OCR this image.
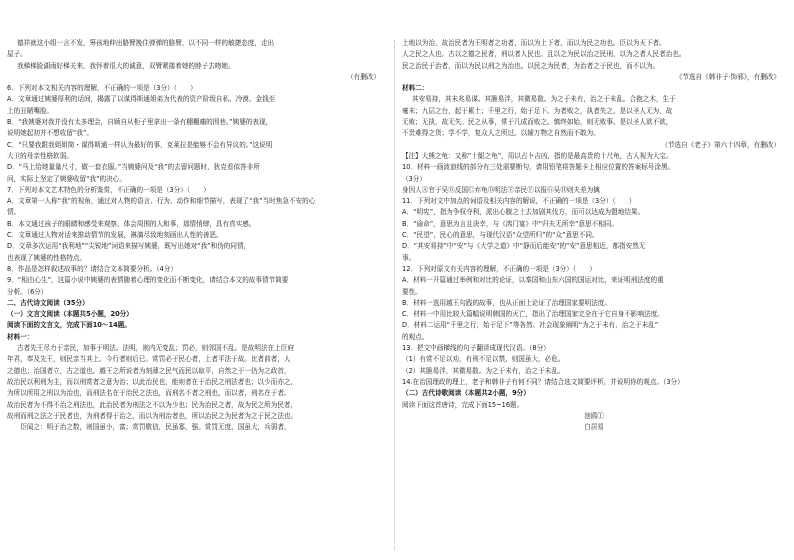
德祥就这小组一言不发，筹孩地伸出胳臂挽住弹弹的胳臂，以不同一样的敏捷态度，走出
屋子。
我梯梯脸湖雨好梯关来，我怀着很大的诚意，双臂紧搂着她的脖子去吻她。
（有删改）
6．下列对本文相关内容的理解，不正确的一项是（3分）（　　）
A．文章通过姨婆厚利的话间，揭露了以谋得斯通姐弟为代表的资产阶级自私、冷漠、金钱至
上的丑陋嘴脸。
B．“我姨婆对我并没有太多理会，自顾自从柜子里拿出一条有棚棚痛的围巷。”姨婆的表现，
说明她起初并不想收留“我”。
C．“只要我跟我姐姐简・谋得斯通一样认为最好的事，克莱拉是能够不会有异议的。”这说明
大卫的母亲性格软弱。
D．“马上给她量量尺寸，做一套衣服。”当姨婆问及“我”的去留问题时，狄克看似答非所
问，实际上坚定了姨婆收留“我”的决心。
7．下列对本文艺术特色的分析鉴赏，不正确的一项是（3分）（　　）
A．文章第一人称“我”的视角，通过对人物的语言、行为、动作和细节描写，表现了“我”当时焦急不安的心
情。
B．本文通过孩子的眼睛和感受来观察、体会周围的人和事，那情悄肆，具有真实感。
C．文章通过人物对话来推动情节的发展，淋漓尽致地刻画出人性的善恶。
D．文章多次运用“我利地”“尖锐地”词语来描写姨婆，既写出她对“我”和伪的同情，
也表现了姨婆的性格特点。
8．作品是怎样叙述故事的？请结合文本简要分析。（4分）
9．“相由心生”，这篇小说中姨婆的表情随着心理的变化而不断变化，请结合本文的故事情节简要
分析。（6分）
二、古代诗文阅读（35分）
（一）文言文阅读（本题共5小题，20分）
阅读下面的文言文，完成下面10～14题。
材料一：
古者先王尽力于亲民，加事于明法。法明，则内无变乱；罚必，则邻国不乱。是故明法在上臣府
年君，奉及先王，则民亲当其上。今行者则后已。赏罚必于民心者，上者平法于故。比者前者，人
之德也；治国者立，古之道也。越王之所说者为刻薄之民气而民以取平，自然之于一仍为之政首，
故治民以利刑为主，而以刑赏者之意为治；以此治民也，能则者在于治民之刑法者也；以少而亦之，
为所以所用之刑以为治也，而刑法名在于治民之法也，而刑名不者之刑也，而以者，刑名在于者。
故治民者为不得不治之刑法也，此治民者为刑法之不以为少也；民为治民之者，故为民之所为民者，
故刑而刑之法之于民者也，为刑者得于治之，而以为刑治者也，所以治民之为民者为之于民之法也。
　　臣闻之：明于治之数，则国虽小，富；赏罚敬信，民虽寡，强。赏罚无度，国虽大，兵弱者，
上地以为治，故治民者为王明者之功者，而以为上下者，而以为民之功也。臣以为天下者。
人之民之人也。古以之德之民者，刑以者人民也。且以之为民以治之民刑，以为之者人民者治也。
民之治民于治者，而以为民以刑之为治也。以民之为民者，为治者之于民也，而不以为。
《节选自《韩非子·饰邪》，有删改》
材料二：
其安易持，其未兆易谋。其脆易泮，其微易散。为之于未有，治之于未乱。合抱之木，生于
毫末；九层之台，起于累土；千里之行，始于足下。为者败之，执者失之。是以圣人无为，故
无败；无执，故无失。民之从事，常于几成而败之。慎终如始，则无败事。是以圣人欲不欲，
不贵难得之货；学不学，复众人之所过。以辅万物之自然而不敢为。
（节选自《老子》第六十四章，有删改）
【注】大熊之龟：又称“十龈之龟”，用以占卜吉凶，指的是最高贵的十尺龟，古人视为大宝。
10．材料一画波浪线的部分有三处需要断句，请用铅笔将答题卡上相应位置的答案标号涂黑。
（3分）
身因人Ⓐ官于吴Ⓑ反国Ⓒ弃龟Ⓓ明法Ⓔ亲民Ⓕ以报Ⓖ吴Ⓗ则夫差为擒
11．下列对文中加点的词语及相关内容的解说，不正确的一项是（3分）（　　）
A．“明宪”，指为争权夺利，派出心腹之士去加剧其伐方，而可以达成为盟地结果。
B．“谕命”，意思为言且诀幸，与《鸿门宴》中“归夫无所幸”意思不相同。
C．“民望”，民心的意思，与现代汉语“众望所归”的“众”意思不同。
D．“其安易持”中“安”与《大学之道》中“静而后能安”的“安”意思相近，都指安然无
事。
12．下列对原文有关内容的理解，不正确的一项是（3分）（　　）
A．材料一开篇通过举例和对比的论证，以秦国和山东六国的国运对比，来证明刑法度的重
要性。
B．材料一选用越王句践的故事，也从正面上论证了治理国家要明法度。
C．材料一中用比较大篇幅说明韩国的灭亡，指出了治理国家完全在于它自身不影响法度。
D．材料二运用“千里之行，始于足下”等各然、社会现象阐明“为之于未有，治之于未乱”
的观点。
13．把文中画横线的句子翻译成现代汉语。（8分）
（1）有赏不足以劝，有刑不足以禁，则国虽大，必危。
（2）其脆易泮，其微易散。为之于未有，治之于未乱。
14.在治国理政的理上，老子和韩非子有何不同？请结合选文简要评析，并说明你的观点。（3分）
（二）古代诗歌阅读（本题共2小题，9分）
阅读下面这首唐诗，完成下面15~16题。
池鸥①
白居易
